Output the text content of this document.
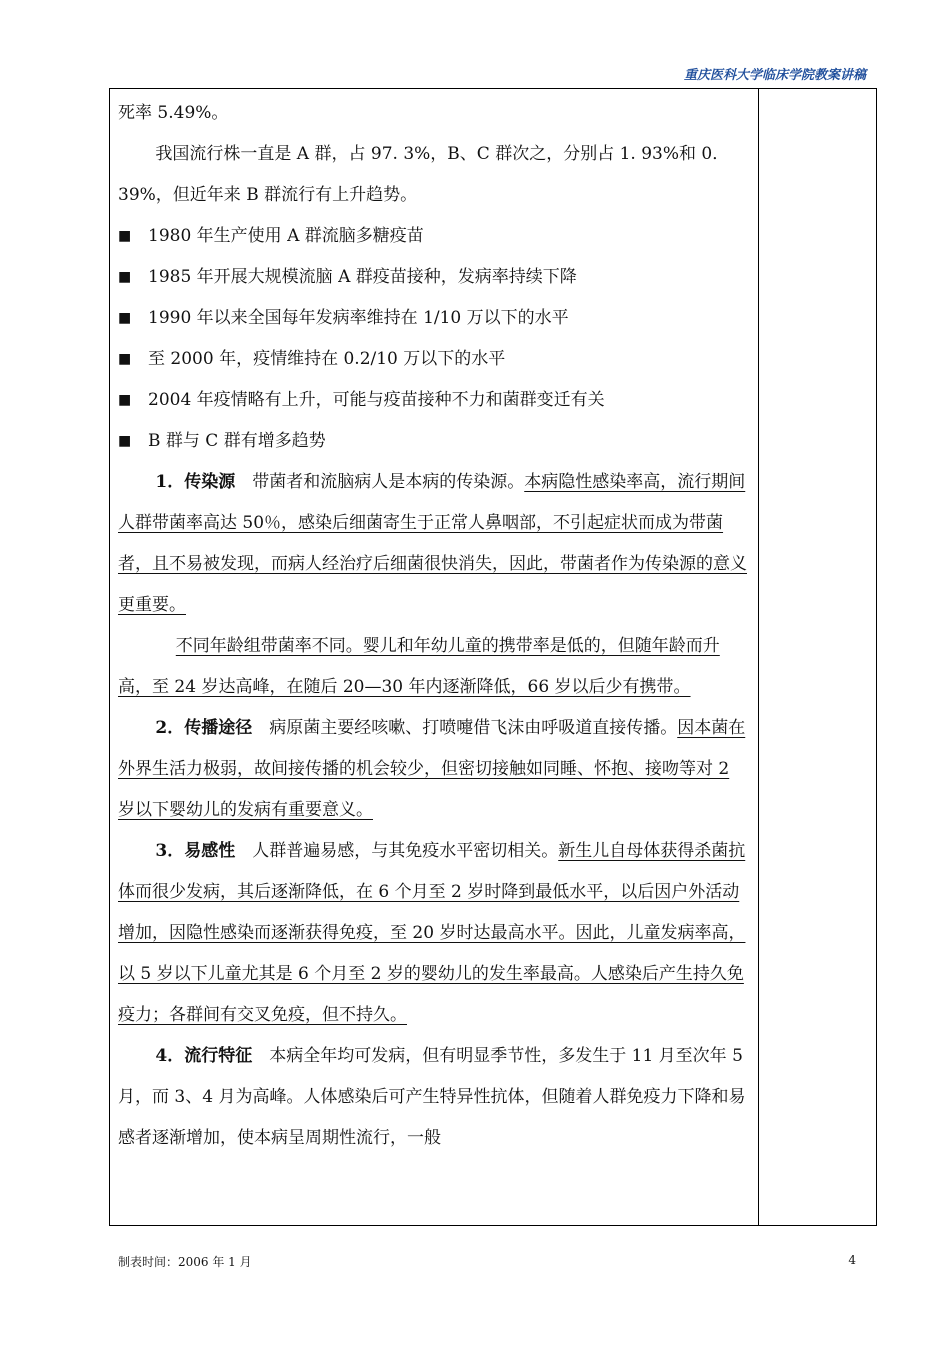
重庆医科大学临床学院教案讲稿

死率 5.49%。

我国流行株一直是 A 群，占 97. 3%，B、C 群次之，分别占 1. 93%和 0．39%，但近年来 B 群流行有上升趋势。

■ 1980 年生产使用 A 群流脑多糖疫苗

■ 1985 年开展大规模流脑 A 群疫苗接种，发病率持续下降

■ 1990 年以来全国每年发病率维持在 1/10 万以下的水平

■ 至 2000 年，疫情维持在 0.2/10 万以下的水平

■ 2004 年疫情略有上升，可能与疫苗接种不力和菌群变迁有关

■ B 群与 C 群有增多趋势

1．传染源　带菌者和流脑病人是本病的传染源。本病隐性感染率高，流行期间人群带菌率高达 50％，感染后细菌寄生于正常人鼻咽部，不引起症状而成为带菌者，且不易被发现，而病人经治疗后细菌很快消失，因此，带菌者作为传染源的意义更重要。

不同年龄组带菌率不同。婴儿和年幼儿童的携带率是低的，但随年龄而升高，至 24 岁达高峰，在随后 20—30 年内逐渐降低，66 岁以后少有携带。

2．传播途径　病原菌主要经咳嗽、打喷嚏借飞沫由呼吸道直接传播。因本菌在外界生活力极弱，故间接传播的机会较少，但密切接触如同睡、怀抱、接吻等对 2 岁以下婴幼儿的发病有重要意义。

3．易感性　人群普遍易感，与其免疫水平密切相关。新生儿自母体获得杀菌抗体而很少发病，其后逐渐降低，在 6 个月至 2 岁时降到最低水平，以后因户外活动增加，因隐性感染而逐渐获得免疫，至 20 岁时达最高水平。因此，儿童发病率高，以 5 岁以下儿童尤其是 6 个月至 2 岁的婴幼儿的发生率最高。人感染后产生持久免疫力；各群间有交叉免疫，但不持久。

4．流行特征　本病全年均可发病，但有明显季节性，多发生于 11 月至次年 5 月，而 3、4 月为高峰。人体感染后可产生特异性抗体，但随着人群免疫力下降和易感者逐渐增加，使本病呈周期性流行，一般

制表时间：2006 年 1 月	4
